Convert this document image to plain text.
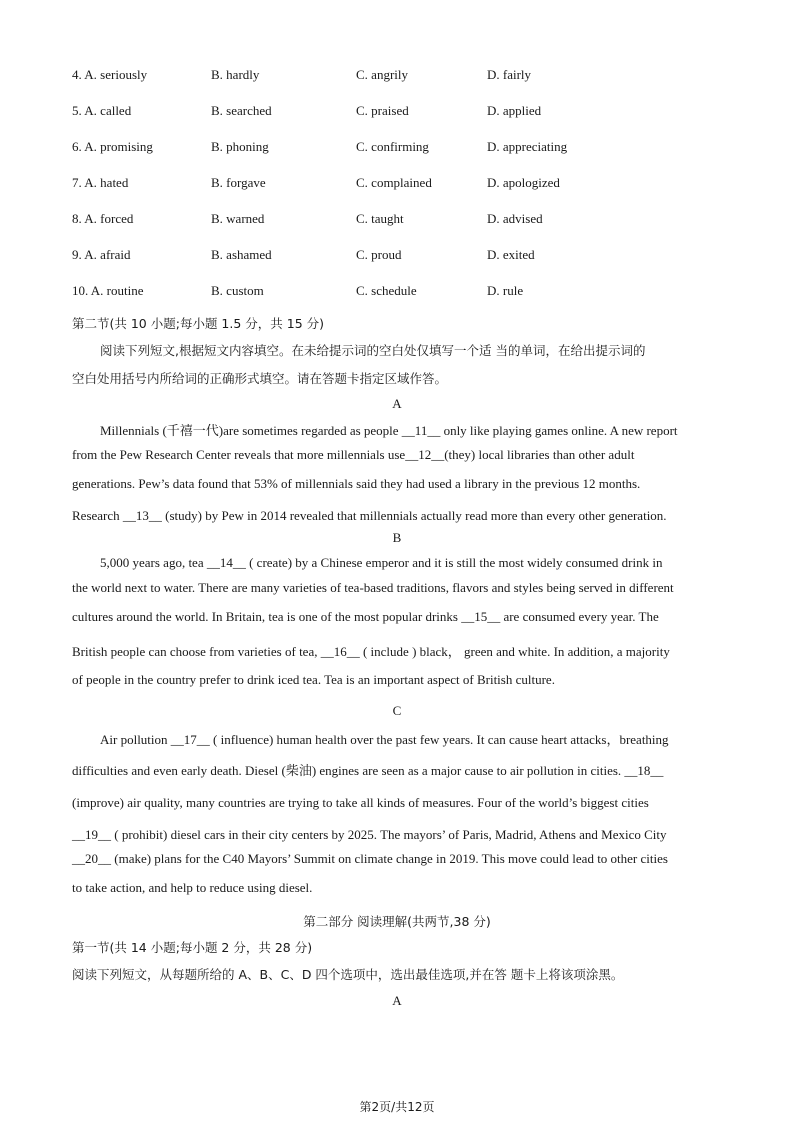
4. A. seriously	B. hardly	C. angrily	D. fairly
5. A. called	B. searched	C. praised	D. applied
6. A. promising	B. phoning	C. confirming	D. appreciating
7. A. hated	B. forgave	C. complained	D. apologized
8. A. forced	B. warned	C. taught	D. advised
9. A. afraid	B. ashamed	C. proud	D. exited
10. A. routine	B. custom	C. schedule	D. rule
第二节(共 10 小题;每小题 1.5 分，共 15 分)
阅读下列短文,根据短文内容填空。在未给提示词的空白处仅填写一个适 当的单词，在给出提示词的
空白处用括号内所给词的正确形式填空。请在答题卡指定区域作答。
A
Millennials (千禧一代)are sometimes regarded as people __11__ only like playing games online. A new report
from the Pew Research Center reveals that more millennials use__12__(they) local libraries than other adult
generations. Pew’s data found that 53% of millennials said they had used a library in the previous 12 months.
Research __13__ (study) by Pew in 2014 revealed that millennials actually read more than every other generation.
B
5,000 years ago, tea __14__ ( create) by a Chinese emperor and it is still the most widely consumed drink in
the world next to water. There are many varieties of tea-based traditions, flavors and styles being served in different
cultures around the world. In Britain, tea is one of the most popular drinks __15__ are consumed every year. The
British people can choose from varieties of tea, __16__ ( include ) black， green and white. In addition, a majority
of people in the country prefer to drink iced tea. Tea is an important aspect of British culture.
C
Air pollution __17__ ( influence) human health over the past few years. It can cause heart attacks，breathing
difficulties and even early death. Diesel (柴油) engines are seen as a major cause to air pollution in cities. __18__
(improve) air quality, many countries are trying to take all kinds of measures. Four of the world’s biggest cities
__19__ ( prohibit) diesel cars in their city centers by 2025. The mayors’ of Paris, Madrid, Athens and Mexico City
__20__ (make) plans for the C40 Mayors’ Summit on climate change in 2019. This move could lead to other cities
to take action, and help to reduce using diesel.
第二部分 阅读理解(共两节,38 分)
第一节(共 14 小题;每小题 2 分，共 28 分)
阅读下列短文，从每题所给的 A、B、C、D 四个选项中，选出最佳选项,并在答 题卡上将该项涂黑。
A
第2页/共12页
